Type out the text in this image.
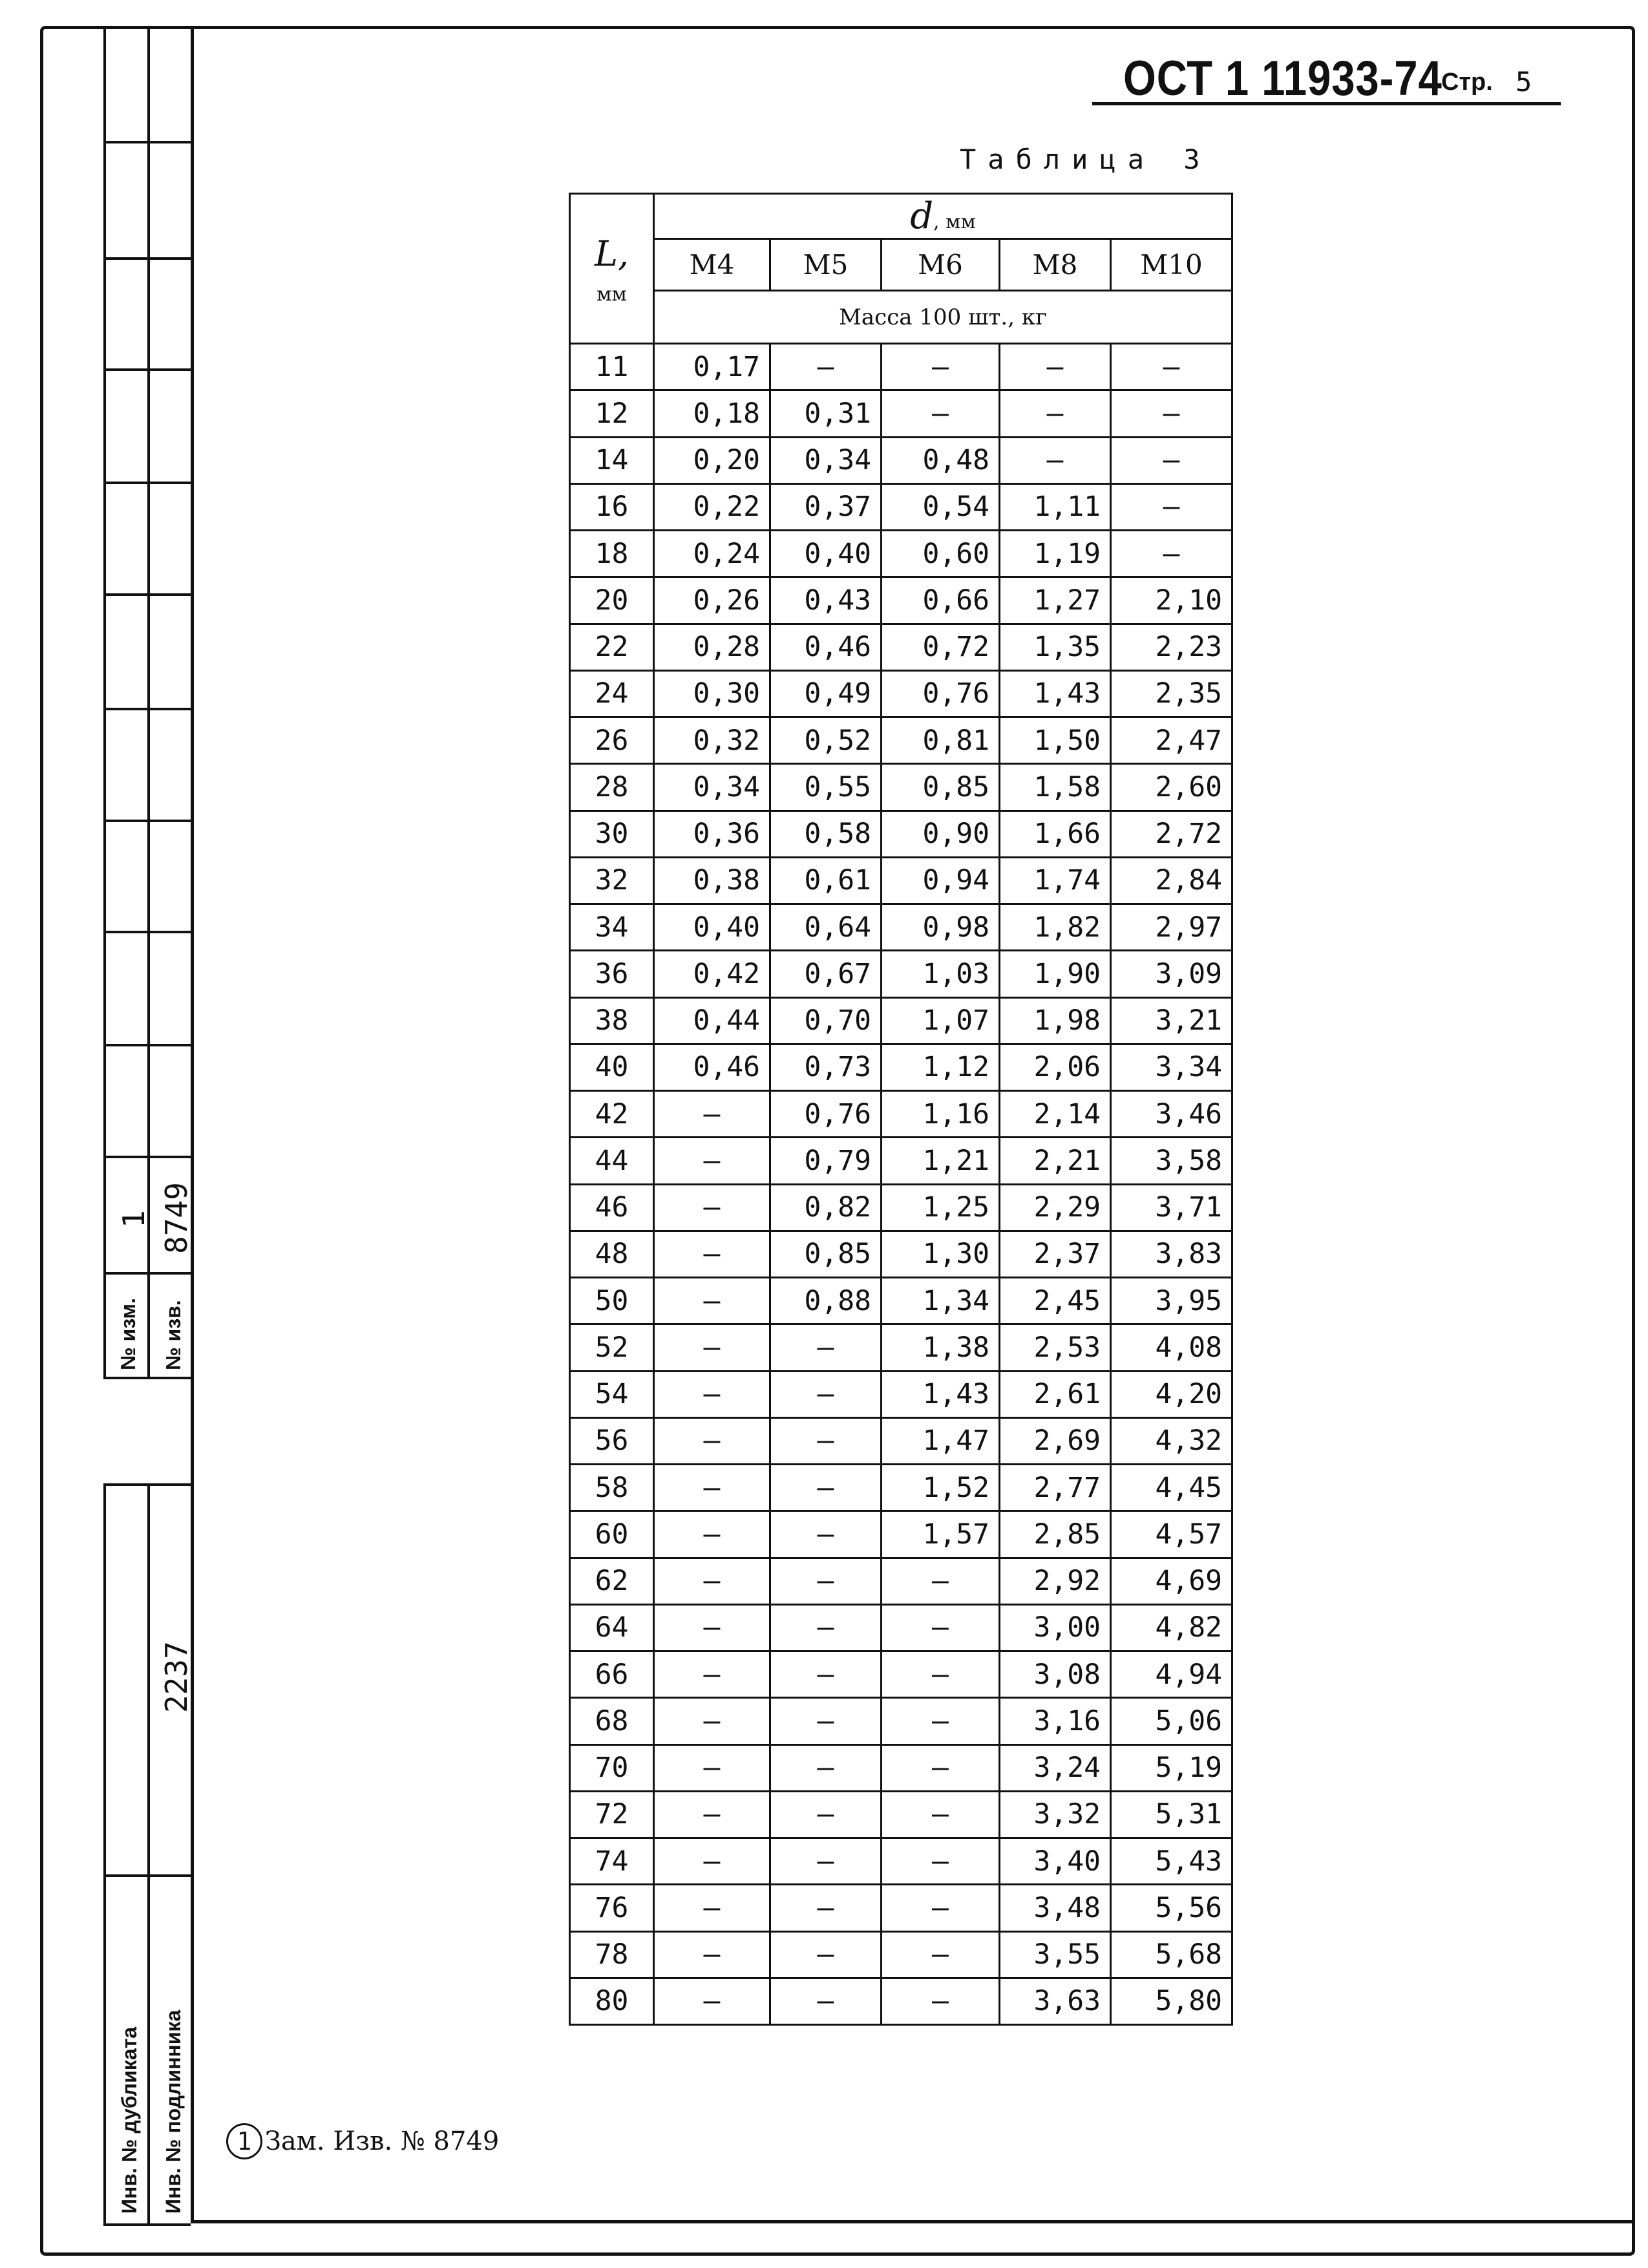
1 8749
№ изм. № изв.
2237
Инв. № дубликата Инв. № подлинника
ОСТ 1 11933-74
Стр. 5
Таблица 3
L,
мм	d, мм				
	М4	М5	М6	М8	М10
	Масса 100 шт., кг				
11	0,17	–	–	–	–
12	0,18	0,31	–	–	–
14	0,20	0,34	0,48	–	–
16	0,22	0,37	0,54	1,11	–
18	0,24	0,40	0,60	1,19	–
20	0,26	0,43	0,66	1,27	2,10
22	0,28	0,46	0,72	1,35	2,23
24	0,30	0,49	0,76	1,43	2,35
26	0,32	0,52	0,81	1,50	2,47
28	0,34	0,55	0,85	1,58	2,60
30	0,36	0,58	0,90	1,66	2,72
32	0,38	0,61	0,94	1,74	2,84
34	0,40	0,64	0,98	1,82	2,97
36	0,42	0,67	1,03	1,90	3,09
38	0,44	0,70	1,07	1,98	3,21
40	0,46	0,73	1,12	2,06	3,34
42	–	0,76	1,16	2,14	3,46
44	–	0,79	1,21	2,21	3,58
46	–	0,82	1,25	2,29	3,71
48	–	0,85	1,30	2,37	3,83
50	–	0,88	1,34	2,45	3,95
52	–	–	1,38	2,53	4,08
54	–	–	1,43	2,61	4,20
56	–	–	1,47	2,69	4,32
58	–	–	1,52	2,77	4,45
60	–	–	1,57	2,85	4,57
62	–	–	–	2,92	4,69
64	–	–	–	3,00	4,82
66	–	–	–	3,08	4,94
68	–	–	–	3,16	5,06
70	–	–	–	3,24	5,19
72	–	–	–	3,32	5,31
74	–	–	–	3,40	5,43
76	–	–	–	3,48	5,56
78	–	–	–	3,55	5,68
80	–	–	–	3,63	5,80
1 Зам. Изв. № 8749
